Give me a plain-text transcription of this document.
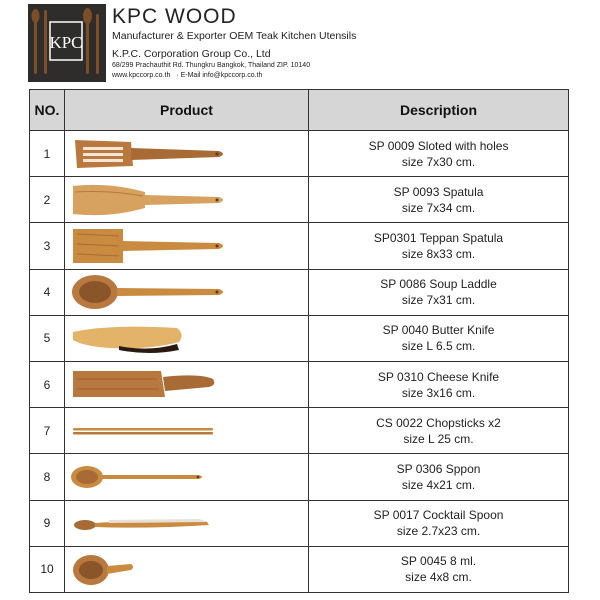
KPC
KPC WOOD
Manufacturer & Exporter OEM Teak Kitchen Utensils
K.P.C. Corporation Group Co., Ltd
68/299 Prachauthit Rd. Thungkru Bangkok, Thailand ZIP. 10140
www.kpccorp.co.th · E-Mail info@kpccorp.co.th
NO.	Product	Description
1		SP 0009 Sloted with holes
size 7x30 cm.

2		SP 0093 Spatula
size 7x34 cm.

3		SP0301 Teppan Spatula
size 8x33 cm.

4		SP 0086 Soup Laddle
size 7x31 cm.

5		SP 0040 Butter Knife
size L 6.5 cm.

6		SP 0310 Cheese Knife
size 3x16 cm.

7		CS 0022 Chopsticks x2
size L 25 cm.

8		SP 0306 Sppon
size 4x21 cm.

9		SP 0017 Cocktail Spoon
size 2.7x23 cm.

10		SP 0045 8 ml.
size 4x8 cm.
